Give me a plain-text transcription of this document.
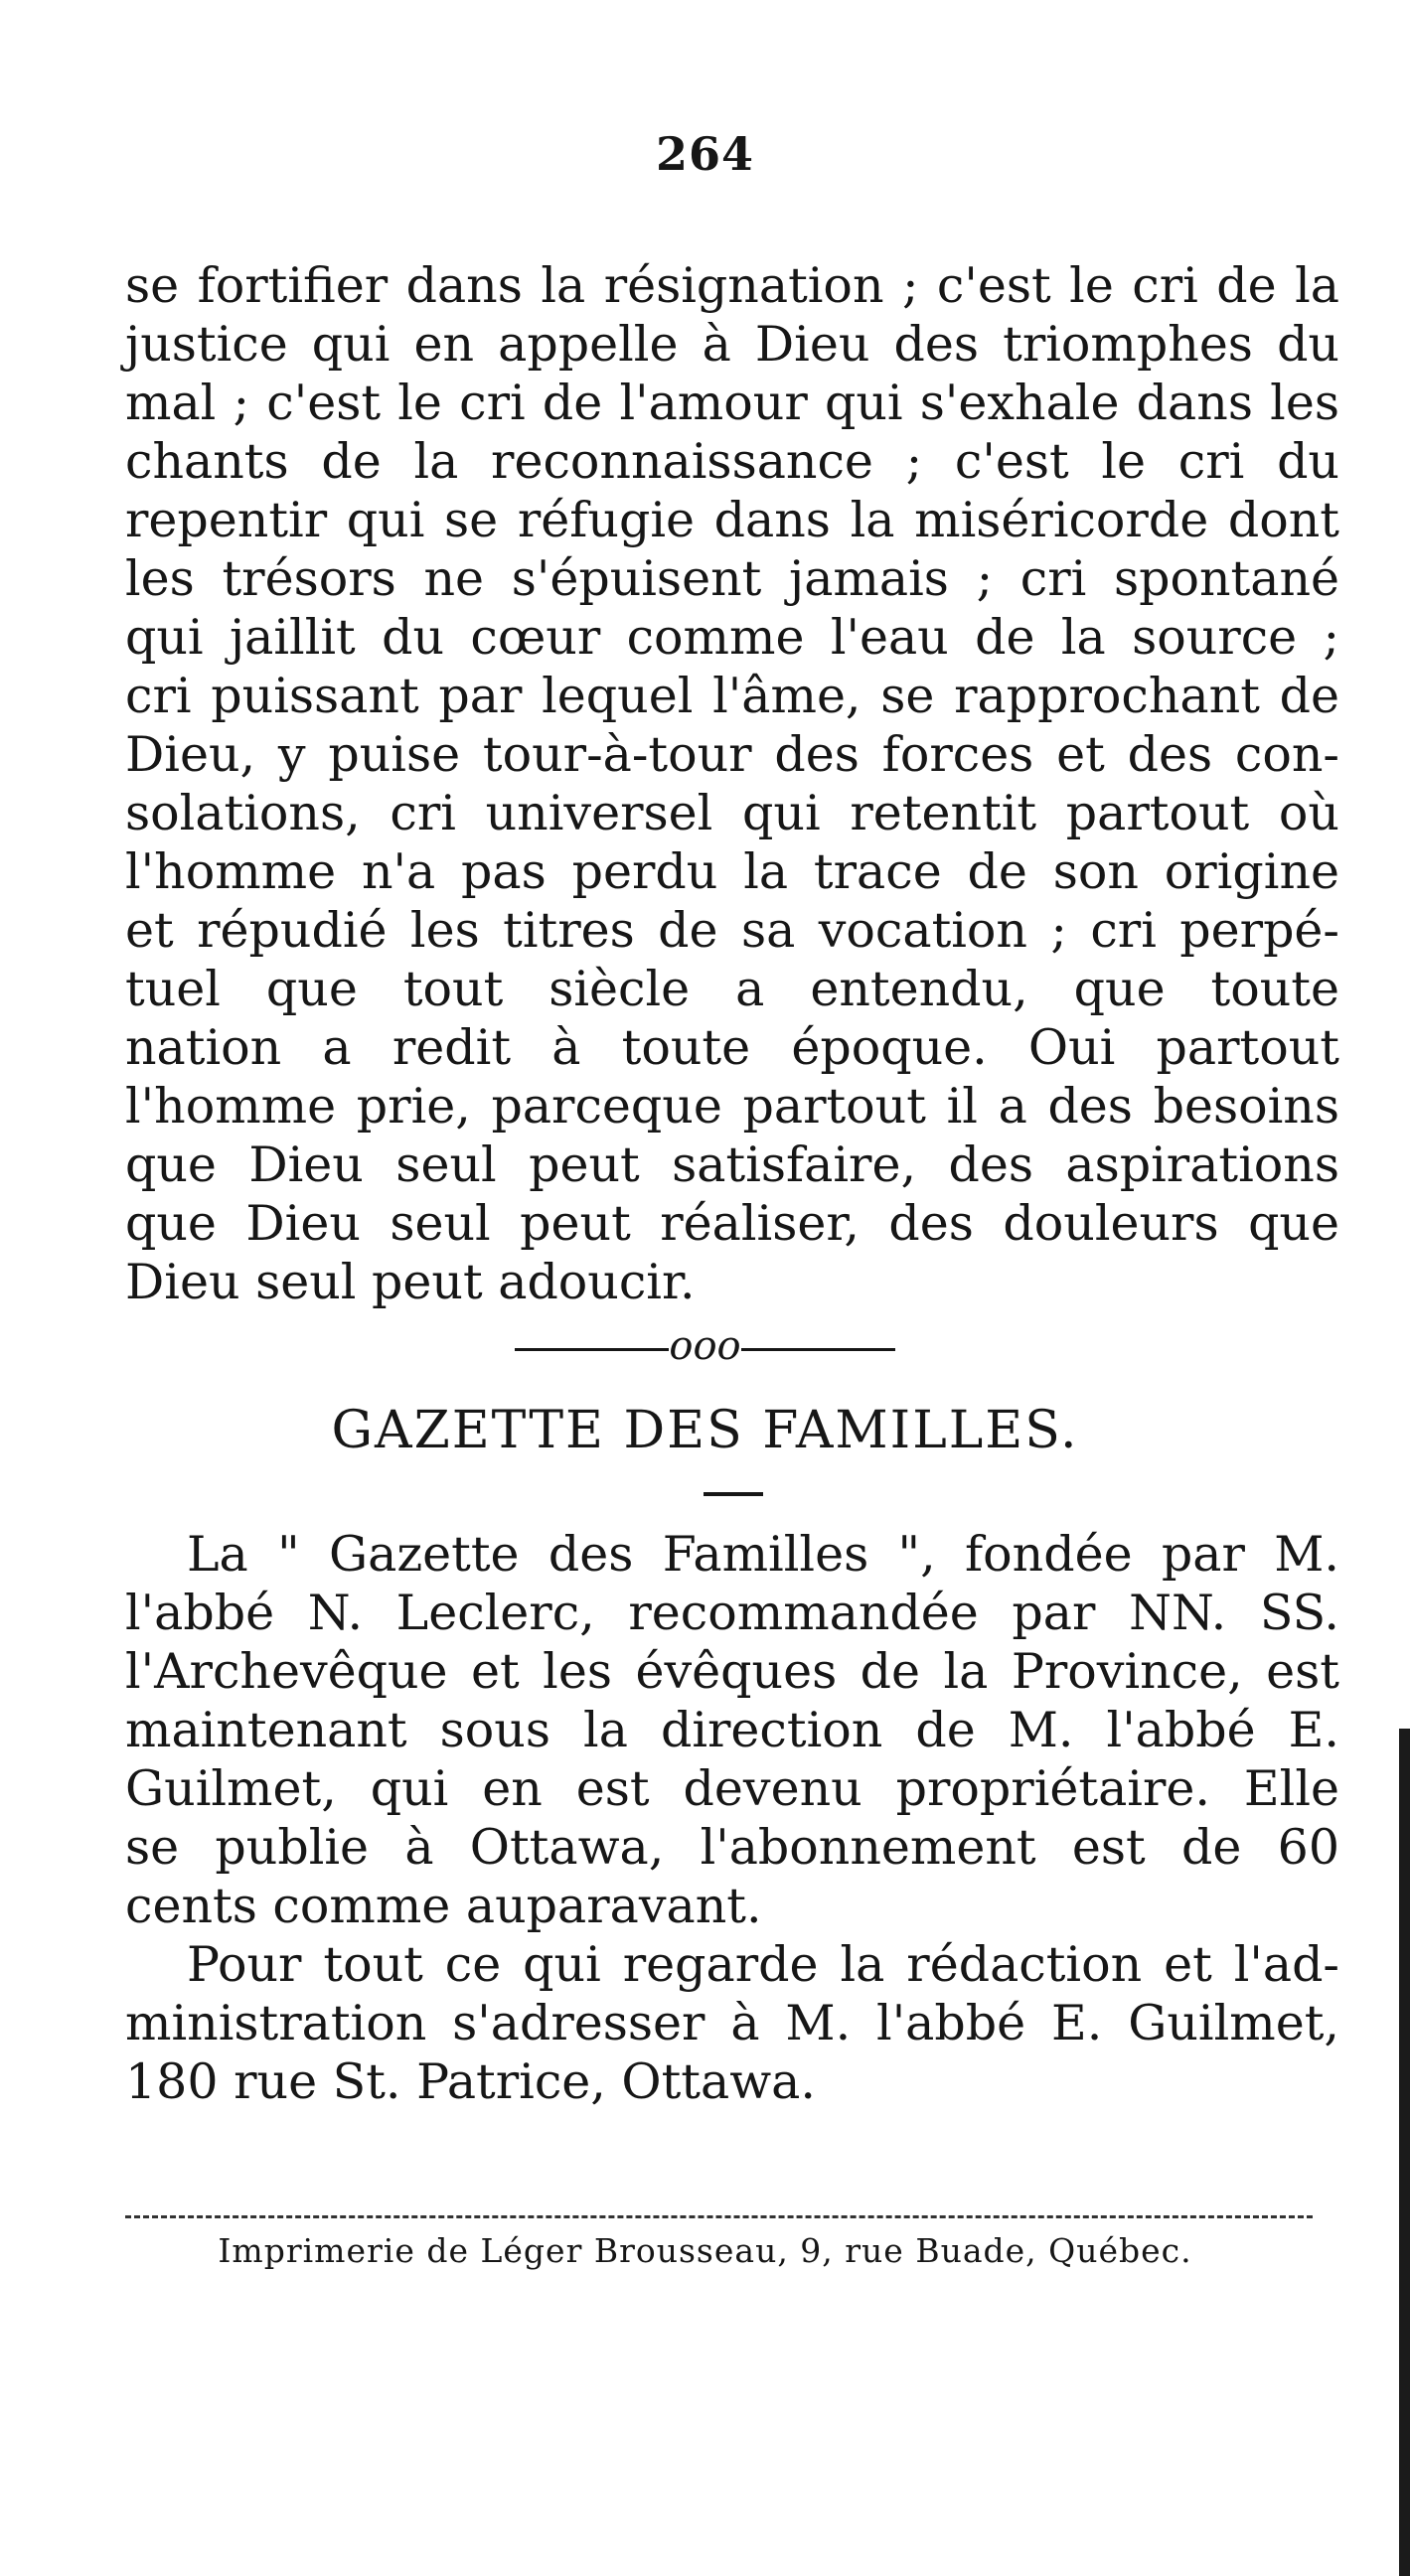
264
se fortifier dans la résignation ; c'est le cri de la
justice qui en appelle à Dieu des triomphes du
mal ; c'est le cri de l'amour qui s'exhale dans les
chants de la reconnaissance ; c'est le cri du
repentir qui se réfugie dans la miséricorde dont
les trésors ne s'épuisent jamais ; cri spontané
qui jaillit du cœur comme l'eau de la source ;
cri puissant par lequel l'âme, se rapprochant de
Dieu, y puise tour-à-tour des forces et des con-
solations, cri universel qui retentit partout où
l'homme n'a pas perdu la trace de son origine
et répudié les titres de sa vocation ; cri perpé-
tuel que tout siècle a entendu, que toute
nation a redit à toute époque. Oui partout
l'homme prie, parceque partout il a des besoins
que Dieu seul peut satisfaire, des aspirations
que Dieu seul peut réaliser, des douleurs que
Dieu seul peut adoucir.
ooo
GAZETTE DES FAMILLES.
La " Gazette des Familles ", fondée par M.
l'abbé N. Leclerc, recommandée par NN. SS.
l'Archevêque et les évêques de la Province, est
maintenant sous la direction de M. l'abbé E.
Guilmet, qui en est devenu propriétaire. Elle
se publie à Ottawa, l'abonnement est de 60
cents comme auparavant.
Pour tout ce qui regarde la rédaction et l'ad-
ministration s'adresser à M. l'abbé E. Guilmet,
180 rue St. Patrice, Ottawa.
Imprimerie de Léger Brousseau, 9, rue Buade, Québec.
